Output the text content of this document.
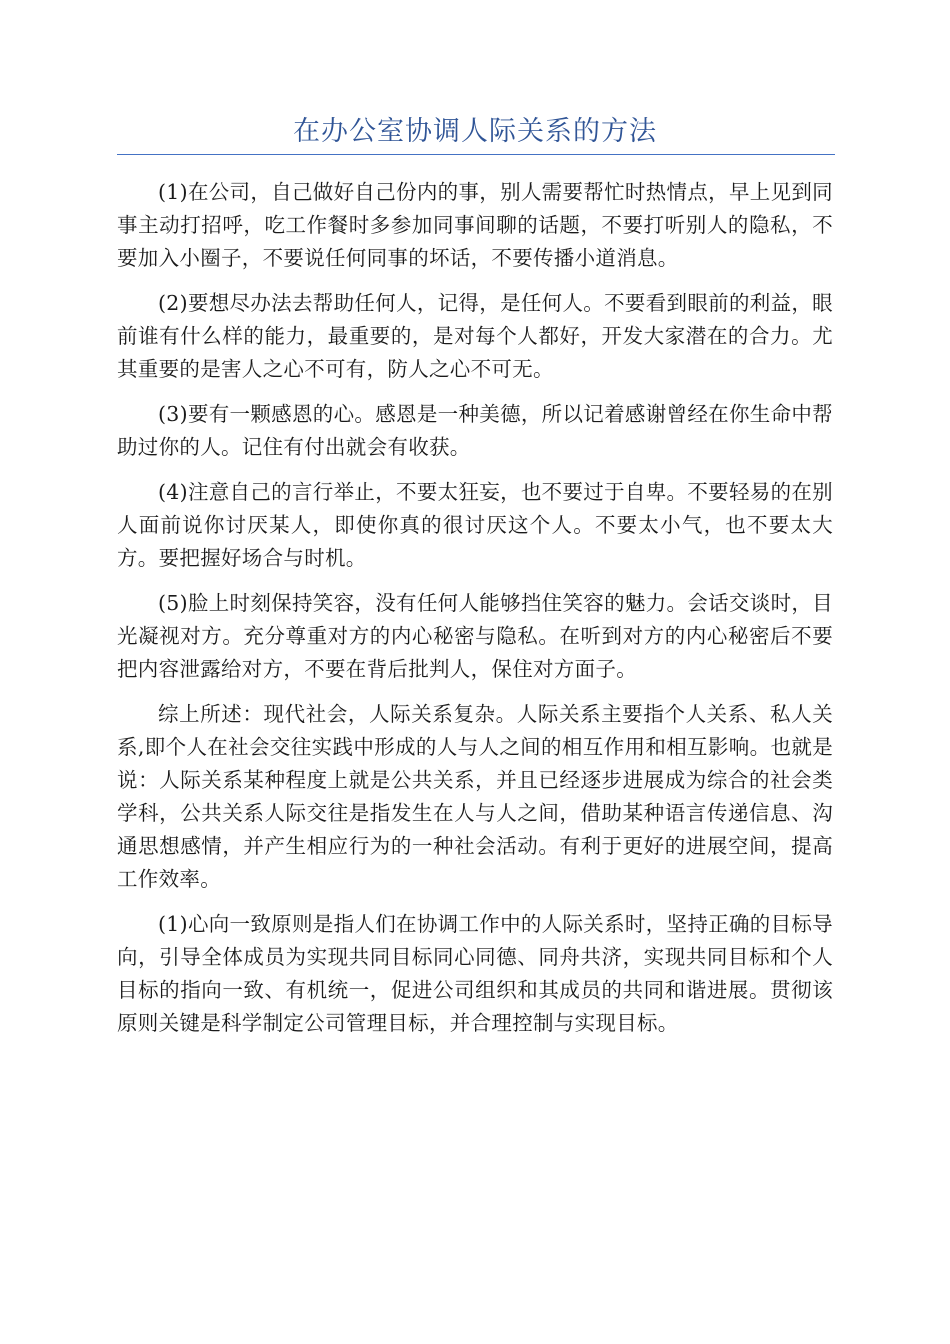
在办公室协调人际关系的方法

(1)在公司，自己做好自己份内的事，别人需要帮忙时热情点，早上见到同事主动打招呼，吃工作餐时多参加同事间聊的话题，不要打听别人的隐私，不要加入小圈子，不要说任何同事的坏话，不要传播小道消息。

(2)要想尽办法去帮助任何人，记得，是任何人。不要看到眼前的利益，眼前谁有什么样的能力，最重要的，是对每个人都好，开发大家潜在的合力。尤其重要的是害人之心不可有，防人之心不可无。

(3)要有一颗感恩的心。感恩是一种美德，所以记着感谢曾经在你生命中帮助过你的人。记住有付出就会有收获。

(4)注意自己的言行举止，不要太狂妄，也不要过于自卑。不要轻易的在别人面前说你讨厌某人，即使你真的很讨厌这个人。不要太小气，也不要太大方。要把握好场合与时机。

(5)脸上时刻保持笑容，没有任何人能够挡住笑容的魅力。会话交谈时，目光凝视对方。充分尊重对方的内心秘密与隐私。在听到对方的内心秘密后不要把内容泄露给对方，不要在背后批判人，保住对方面子。

综上所述：现代社会，人际关系复杂。人际关系主要指个人关系、私人关系,即个人在社会交往实践中形成的人与人之间的相互作用和相互影响。也就是说：人际关系某种程度上就是公共关系，并且已经逐步进展成为综合的社会类学科，公共关系人际交往是指发生在人与人之间，借助某种语言传递信息、沟通思想感情，并产生相应行为的一种社会活动。有利于更好的进展空间，提高工作效率。

(1)心向一致原则是指人们在协调工作中的人际关系时，坚持正确的目标导向，引导全体成员为实现共同目标同心同德、同舟共济，实现共同目标和个人目标的指向一致、有机统一，促进公司组织和其成员的共同和谐进展。贯彻该原则关键是科学制定公司管理目标，并合理控制与实现目标。
